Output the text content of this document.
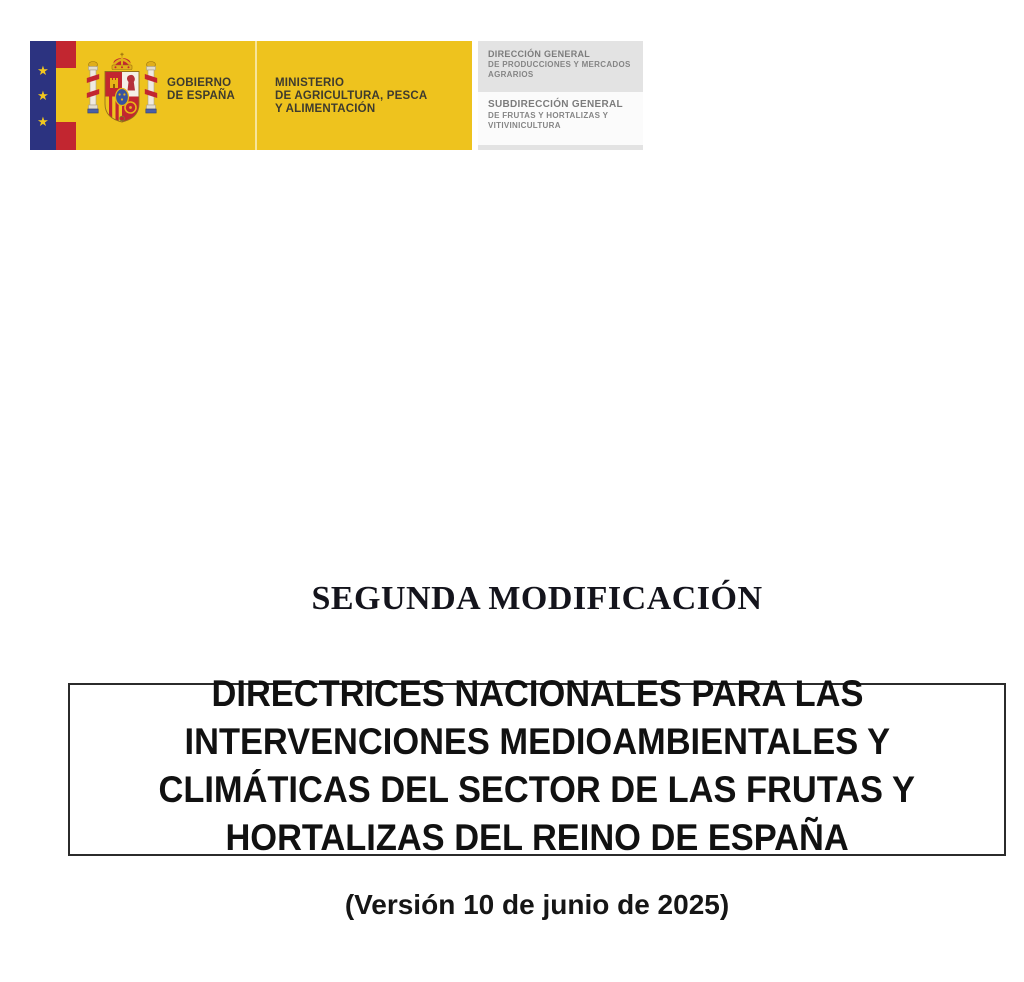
★
★
★
GOBIERNO
DE ESPAÑA
MINISTERIO
DE AGRICULTURA, PESCA
Y ALIMENTACIÓN
DIRECCIÓN GENERAL
DE PRODUCCIONES Y MERCADOS
AGRARIOS
SUBDIRECCIÓN GENERAL
DE FRUTAS Y HORTALIZAS Y
VITIVINICULTURA
SEGUNDA MODIFICACIÓN
DIRECTRICES NACIONALES PARA LAS
INTERVENCIONES MEDIOAMBIENTALES Y
CLIMÁTICAS DEL SECTOR DE LAS FRUTAS Y
HORTALIZAS DEL REINO DE ESPAÑA

(Versión 10 de junio de 2025)
